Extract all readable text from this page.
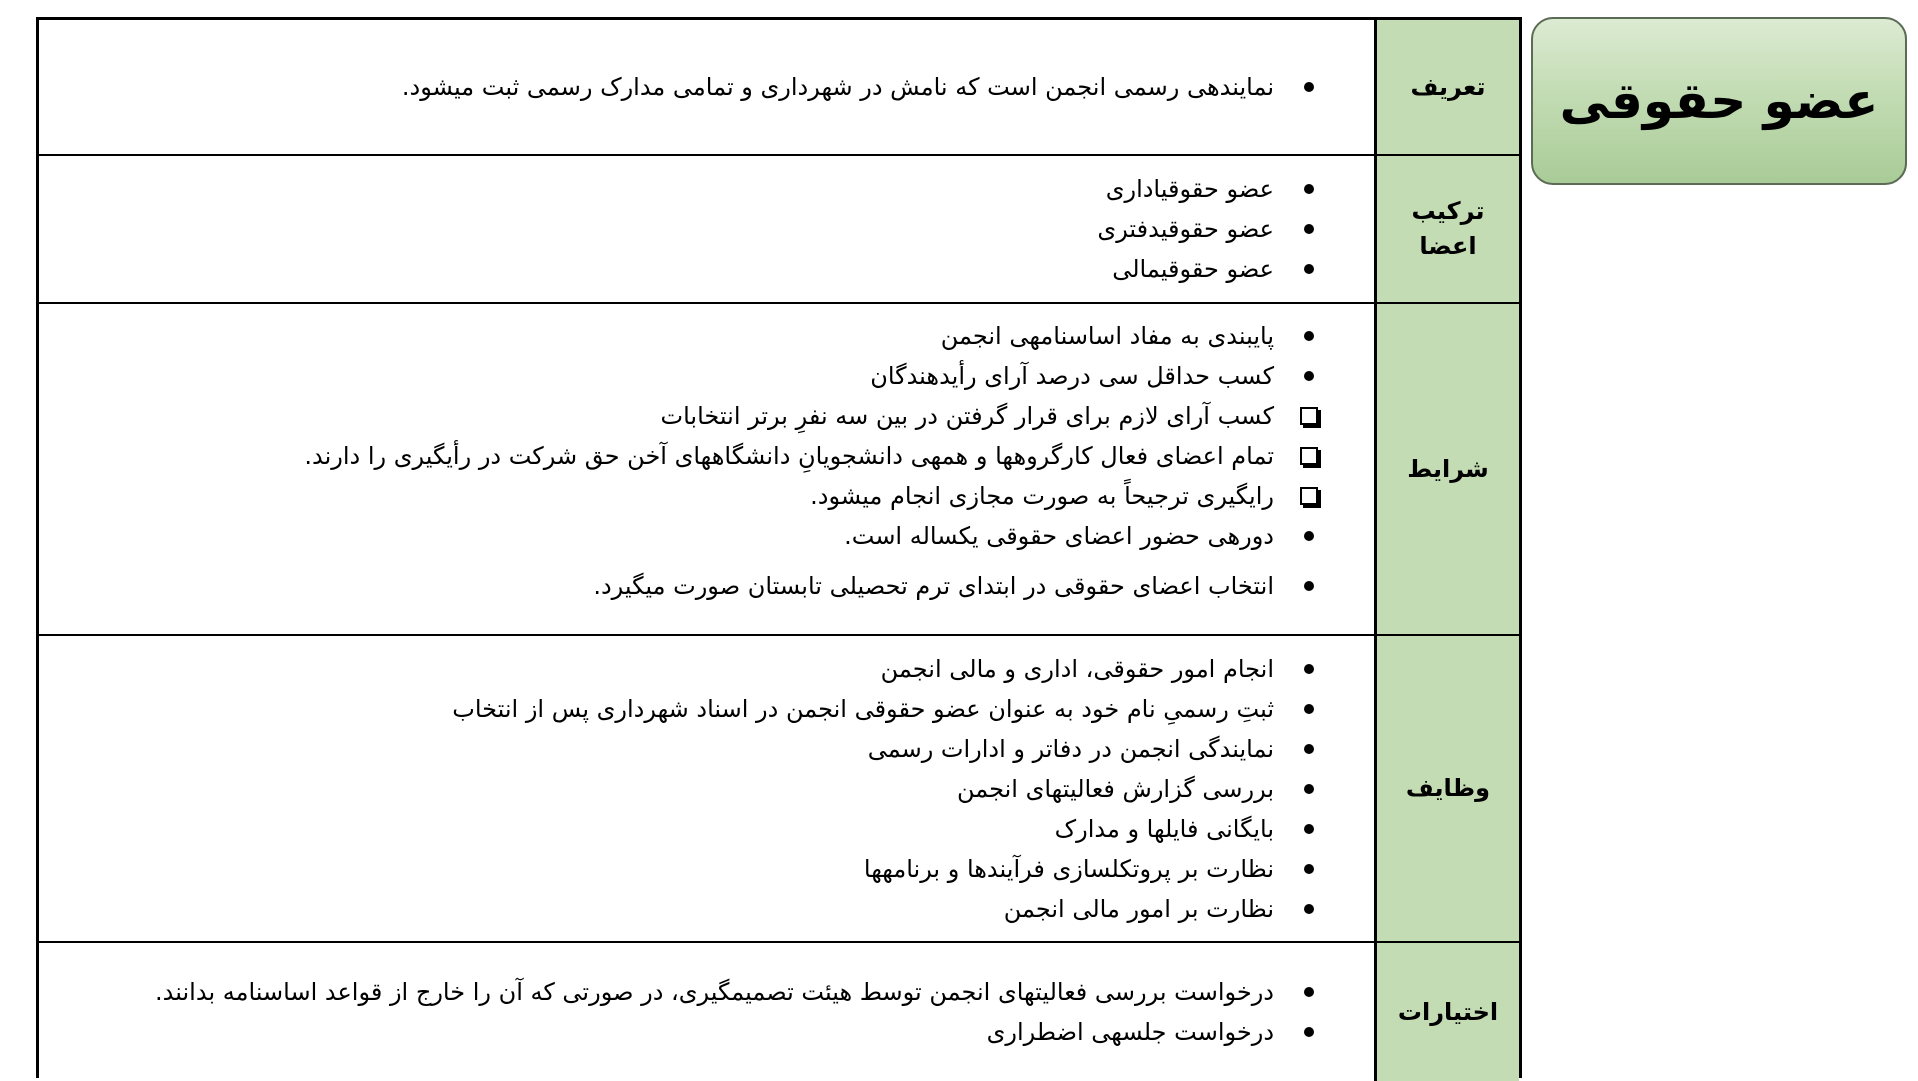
عضو حقوقی
تعریف
نمایندهی رسمی انجمن است که نامش در شهرداری و تمامی مدارک رسمی ثبت میشود.
ترکیب
اعضا
عضو حقوقیاداری
عضو حقوقیدفتری
عضو حقوقیمالی
شرایط
پایبندی به مفاد اساسنامهی انجمن
کسب حداقل سی درصد آرای رأیدهندگان
کسب آرای لازم برای قرار گرفتن در بین سه نفرِ برتر انتخابات
تمام اعضای فعال کارگروهها و همهی دانشجویانِ دانشگاههای آخن حق شرکت در رأیگیری را دارند.
رایگیری ترجیحاً به صورت مجازی انجام میشود.
دورهی حضور اعضای حقوقی یکساله است.
انتخاب اعضای حقوقی در ابتدای ترم تحصیلی تابستان صورت میگیرد.
وظایف
انجام امور حقوقی، اداری و مالی انجمن
ثبتِ رسمیِ نام خود به عنوان عضو حقوقی انجمن در اسناد شهرداری پس از انتخاب
نمایندگی انجمن در دفاتر و ادارات رسمی
بررسی گزارش فعالیتهای انجمن
بایگانی فایلها و مدارک
نظارت بر پروتکلسازی فرآیندها و برنامهها
نظارت بر امور مالی انجمن
اختیارات
درخواست بررسی فعالیتهای انجمن توسط هیئت تصمیمگیری، در صورتی که آن را خارج از قواعد اساسنامه بدانند.
درخواست جلسهی اضطراری
